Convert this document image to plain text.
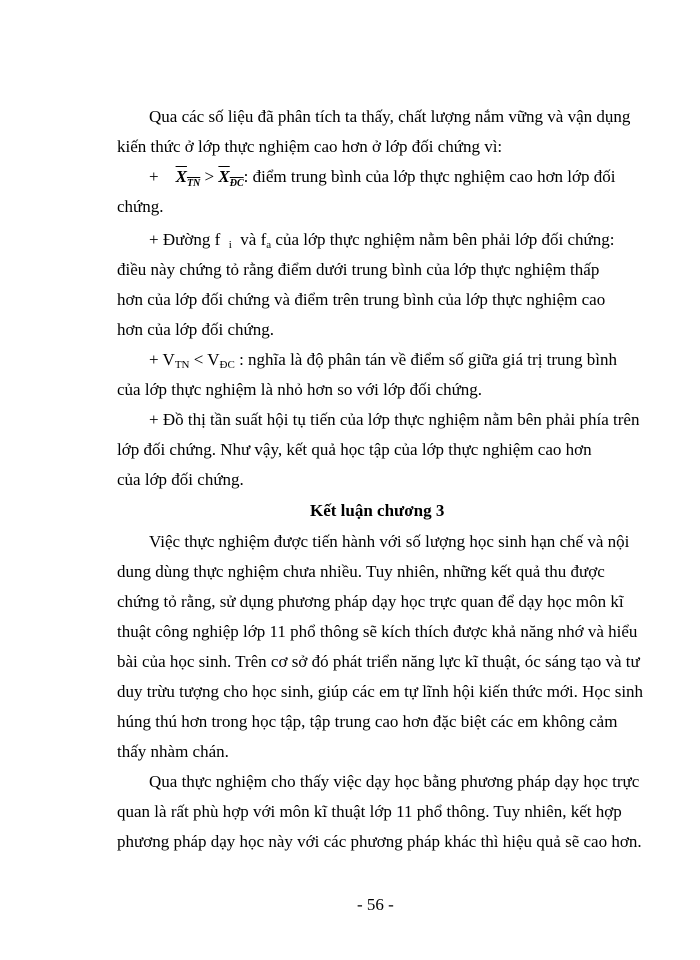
Qua các số liệu đã phân tích ta thấy, chất lượng nắm vững và vận dụng
kiến thức ở lớp thực nghiệm cao hơn ở lớp đối chứng vì:
+ $X_{TN} > X_{ĐC}$: điểm trung bình của lớp thực nghiệm cao hơn lớp đối
chứng.
+ Đường f $_i$ và $f_a$ của lớp thực nghiệm nằm bên phải lớp đối chứng:
điều này chứng tỏ rằng điểm dưới trung bình của lớp thực nghiệm thấp
hơn của lớp đối chứng và điểm trên trung bình của lớp thực nghiệm cao
hơn của lớp đối chứng.
+ $V_{TN} < V_{ĐC}$ : nghĩa là độ phân tán về điểm số giữa giá trị trung bình
của lớp thực nghiệm là nhỏ hơn so với lớp đối chứng.
+ Đồ thị tần suất hội tụ tiến của lớp thực nghiệm nằm bên phải phía trên
lớp đối chứng. Như vậy, kết quả học tập của lớp thực nghiệm cao hơn
của lớp đối chứng.
Kết luận chương 3
Việc thực nghiệm được tiến hành với số lượng học sinh hạn chế và nội
dung dùng thực nghiệm chưa nhiều. Tuy nhiên, những kết quả thu được
chứng tỏ rằng, sử dụng phương pháp dạy học trực quan để dạy học môn kĩ
thuật công nghiệp lớp 11 phổ thông sẽ kích thích được khả năng nhớ và hiểu
bài của học sinh. Trên cơ sở đó phát triển năng lực kĩ thuật, óc sáng tạo và tư
duy trừu tượng cho học sinh, giúp các em tự lĩnh hội kiến thức mới. Học sinh
húng thú hơn trong học tập, tập trung cao hơn đặc biệt các em không cảm
thấy nhàm chán.
Qua thực nghiệm cho thấy việc dạy học bằng phương pháp dạy học trực
quan là rất phù hợp với môn kĩ thuật lớp 11 phổ thông. Tuy nhiên, kết hợp
phương pháp dạy học này với các phương pháp khác thì hiệu quả sẽ cao hơn.
- 56 -
